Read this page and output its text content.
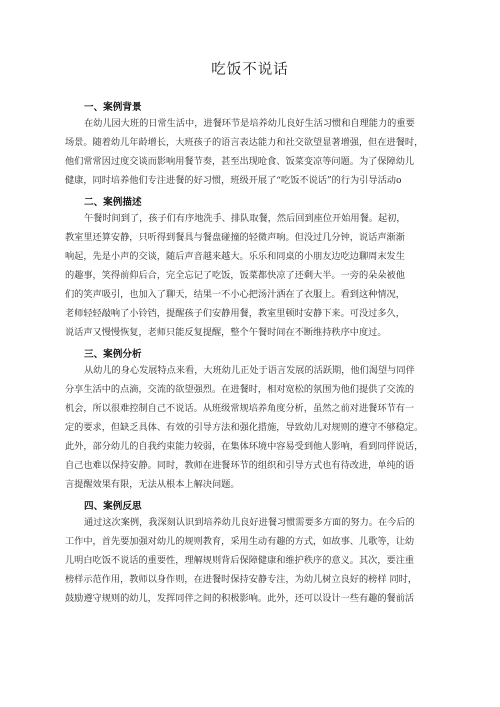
吃饭不说话
一、案例背景
在幼儿园大班的日常生活中，进餐环节是培养幼儿良好生活习惯和自理能力的重要
场景。随着幼儿年龄增长，大班孩子的语言表达能力和社交欲望显著增强，但在进餐时，
他们常常因过度交谈而影响用餐节奏，甚至出现呛食、饭菜变凉等问题。为了保障幼儿
健康，同时培养他们专注进餐的好习惯，班级开展了“吃饭不说话”的行为引导活动o
二、案例描述
午餐时间到了，孩子们有序地洗手、排队取餐，然后回到座位开始用餐。起初，
教室里还算安静，只听得到餐具与餐盘碰撞的轻微声响。但没过几分钟，说话声渐渐
响起，先是小声的交谈，随后声音越来越大。乐乐和同桌的小朋友边吃边聊周末发生
的趣事，笑得前仰后合，完全忘记了吃饭，饭菜都快凉了还剩大半。一旁的朵朵被他
们的笑声吸引，也加入了聊天，结果一不小心把汤汁洒在了衣服上。看到这种情况，
老师轻轻敲响了小铃铛，提醒孩子们安静用餐，教室里顿时安静下来。可没过多久，
说话声又慢慢恢复，老师只能反复提醒，整个午餐时间在不断维持秩序中度过。
三、案例分析
从幼儿的身心发展特点来看，大班幼儿正处于语言发展的活跃期，他们渴望与同伴
分享生活中的点滴，交流的欲望强烈。在进餐时，相对宽松的氛围为他们提供了交流的
机会，所以很难控制自己不说话。从班级常规培养角度分析，虽然之前对进餐环节有一
定的要求，但缺乏具体、有效的引导方法和强化措施，导致幼儿对规则的遵守不够稳定。
此外，部分幼儿的自我约束能力较弱，在集体环境中容易受到他人影响，看到同伴说话，
自己也难以保持安静。同时，教师在进餐环节的组织和引导方式也有待改进，单纯的语
言提醒效果有限，无法从根本上解决问题。
四、案例反思
通过这次案例，我深刻认识到培养幼儿良好进餐习惯需要多方面的努力。在今后的
工作中，首先要加强对幼儿的规则教育，采用生动有趣的方式，如故事、儿歌等，让幼
儿明白吃饭不说话的重要性，理解规则背后保障健康和维护秩序的意义。其次，要注重
榜样示范作用，教师以身作则，在进餐时保持安静专注，为幼儿树立良好的榜样 同时，
鼓励遵守规则的幼儿，发挥同伴之间的积极影响。此外，还可以设计一些有趣的餐前活
